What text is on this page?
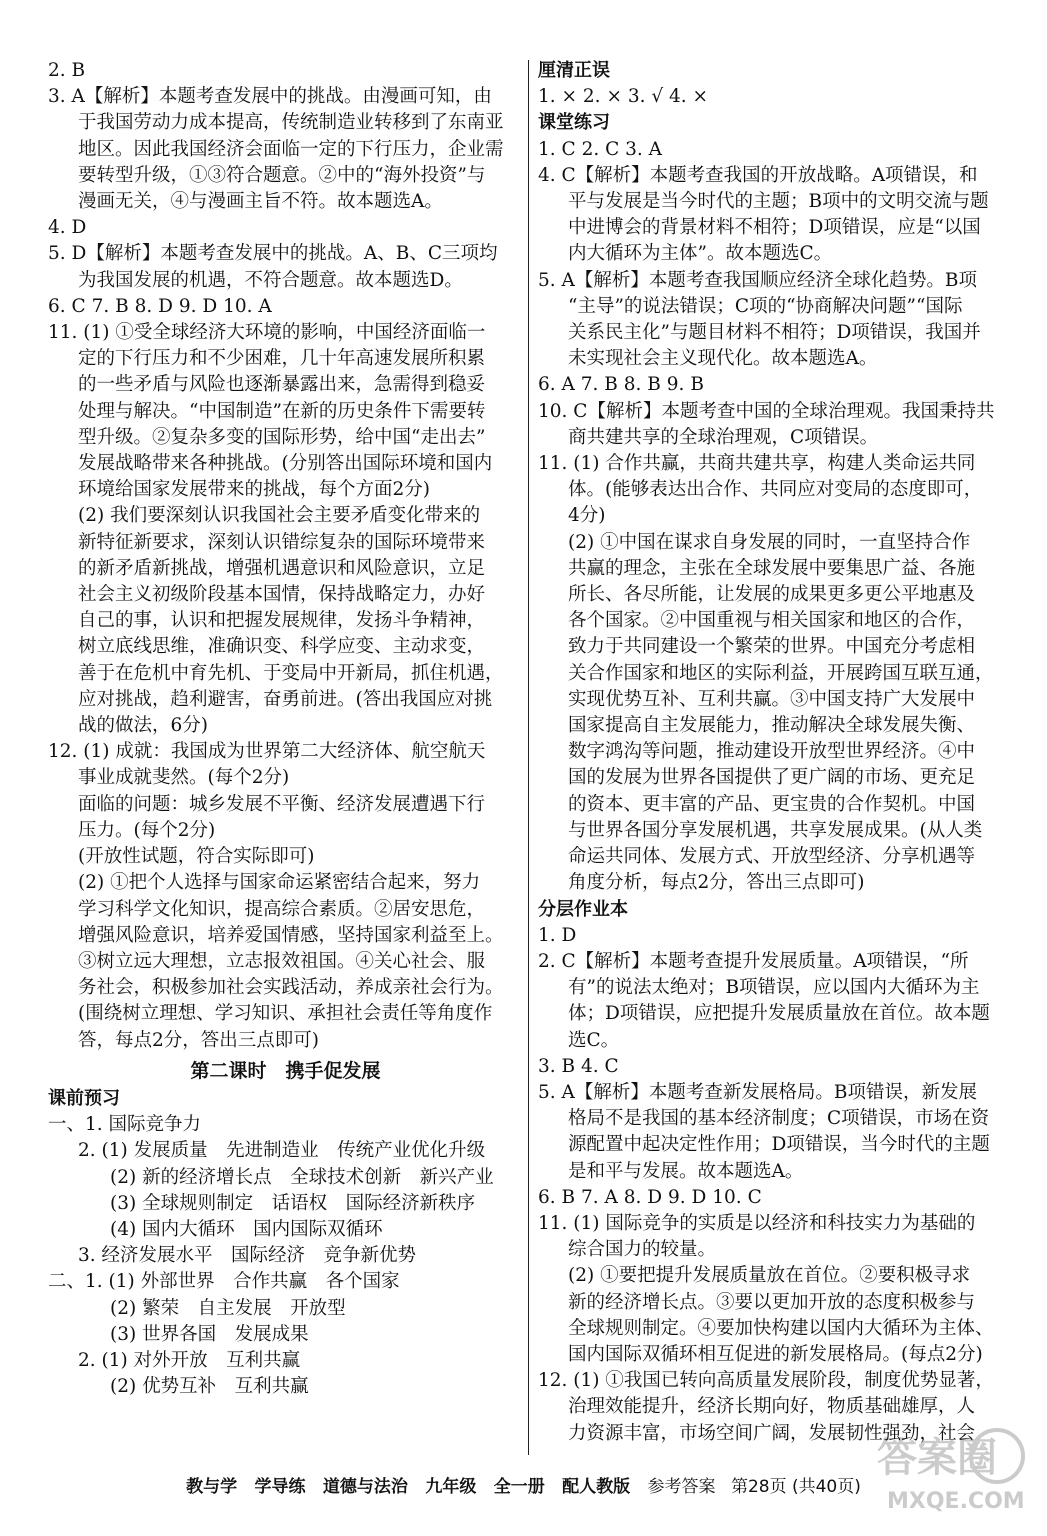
2. B
3. A【解析】本题考查发展中的挑战。由漫画可知，由
于我国劳动力成本提高，传统制造业转移到了东南亚
地区。因此我国经济会面临一定的下行压力，企业需
要转型升级，①③符合题意。②中的“海外投资”与
漫画无关，④与漫画主旨不符。故本题选A。
4. D
5. D【解析】本题考查发展中的挑战。A、B、C三项均
为我国发展的机遇，不符合题意。故本题选D。
6. C 7. B 8. D 9. D 10. A
11. (1) ①受全球经济大环境的影响，中国经济面临一
定的下行压力和不少困难，几十年高速发展所积累
的一些矛盾与风险也逐渐暴露出来，急需得到稳妥
处理与解决。“中国制造”在新的历史条件下需要转
型升级。②复杂多变的国际形势，给中国“走出去”
发展战略带来各种挑战。(分别答出国际环境和国内
环境给国家发展带来的挑战，每个方面2分)
(2) 我们要深刻认识我国社会主要矛盾变化带来的
新特征新要求，深刻认识错综复杂的国际环境带来
的新矛盾新挑战，增强机遇意识和风险意识，立足
社会主义初级阶段基本国情，保持战略定力，办好
自己的事，认识和把握发展规律，发扬斗争精神，
树立底线思维，准确识变、科学应变、主动求变，
善于在危机中育先机、于变局中开新局，抓住机遇，
应对挑战，趋利避害，奋勇前进。(答出我国应对挑
战的做法，6分)
12. (1) 成就：我国成为世界第二大经济体、航空航天
事业成就斐然。(每个2分)
面临的问题：城乡发展不平衡、经济发展遭遇下行
压力。(每个2分)
(开放性试题，符合实际即可)
(2) ①把个人选择与国家命运紧密结合起来，努力
学习科学文化知识，提高综合素质。②居安思危，
增强风险意识，培养爱国情感，坚持国家利益至上。
③树立远大理想，立志报效祖国。④关心社会、服
务社会，积极参加社会实践活动，养成亲社会行为。
(围绕树立理想、学习知识、承担社会责任等角度作
答，每点2分，答出三点即可)
第二课时　携手促发展
课前预习
一、1. 国际竞争力
2. (1) 发展质量　先进制造业　传统产业优化升级
(2) 新的经济增长点　全球技术创新　新兴产业
(3) 全球规则制定　话语权　国际经济新秩序
(4) 国内大循环　国内国际双循环
3. 经济发展水平　国际经济　竞争新优势
二、1. (1) 外部世界　合作共赢　各个国家
(2) 繁荣　自主发展　开放型
(3) 世界各国　发展成果
2. (1) 对外开放　互利共赢
(2) 优势互补　互利共赢
厘清正误
1. × 2. × 3. √ 4. ×
课堂练习
1. C 2. C 3. A
4. C【解析】本题考查我国的开放战略。A项错误，和
平与发展是当今时代的主题；B项中的文明交流与题
中进博会的背景材料不相符；D项错误，应是“以国
内大循环为主体”。故本题选C。
5. A【解析】本题考查我国顺应经济全球化趋势。B项
“主导”的说法错误；C项的“协商解决问题”“国际
关系民主化”与题目材料不相符；D项错误，我国并
未实现社会主义现代化。故本题选A。
6. A 7. B 8. B 9. B
10. C【解析】本题考查中国的全球治理观。我国秉持共
商共建共享的全球治理观，C项错误。
11. (1) 合作共赢，共商共建共享，构建人类命运共同
体。(能够表达出合作、共同应对变局的态度即可，
4分)
(2) ①中国在谋求自身发展的同时，一直坚持合作
共赢的理念，主张在全球发展中要集思广益、各施
所长、各尽所能，让发展的成果更多更公平地惠及
各个国家。②中国重视与相关国家和地区的合作，
致力于共同建设一个繁荣的世界。中国充分考虑相
关合作国家和地区的实际利益，开展跨国互联互通，
实现优势互补、互利共赢。③中国支持广大发展中
国家提高自主发展能力，推动解决全球发展失衡、
数字鸿沟等问题，推动建设开放型世界经济。④中
国的发展为世界各国提供了更广阔的市场、更充足
的资本、更丰富的产品、更宝贵的合作契机。中国
与世界各国分享发展机遇，共享发展成果。(从人类
命运共同体、发展方式、开放型经济、分享机遇等
角度分析，每点2分，答出三点即可)
分层作业本
1. D
2. C【解析】本题考查提升发展质量。A项错误，“所
有”的说法太绝对；B项错误，应以国内大循环为主
体；D项错误，应把提升发展质量放在首位。故本题
选C。
3. B 4. C
5. A【解析】本题考查新发展格局。B项错误，新发展
格局不是我国的基本经济制度；C项错误，市场在资
源配置中起决定性作用；D项错误，当今时代的主题
是和平与发展。故本题选A。
6. B 7. A 8. D 9. D 10. C
11. (1) 国际竞争的实质是以经济和科技实力为基础的
综合国力的较量。
(2) ①要把提升发展质量放在首位。②要积极寻求
新的经济增长点。③要以更加开放的态度积极参与
全球规则制定。④要加快构建以国内大循环为主体、
国内国际双循环相互促进的新发展格局。(每点2分)
12. (1) ①我国已转向高质量发展阶段，制度优势显著，
治理效能提升，经济长期向好，物质基础雄厚，人
力资源丰富，市场空间广阔，发展韧性强劲，社会
教与学 学导练 道德与法治 九年级 全一册 配人教版 参考答案 第28页 (共40页)
答案圈
MXQE.COM
